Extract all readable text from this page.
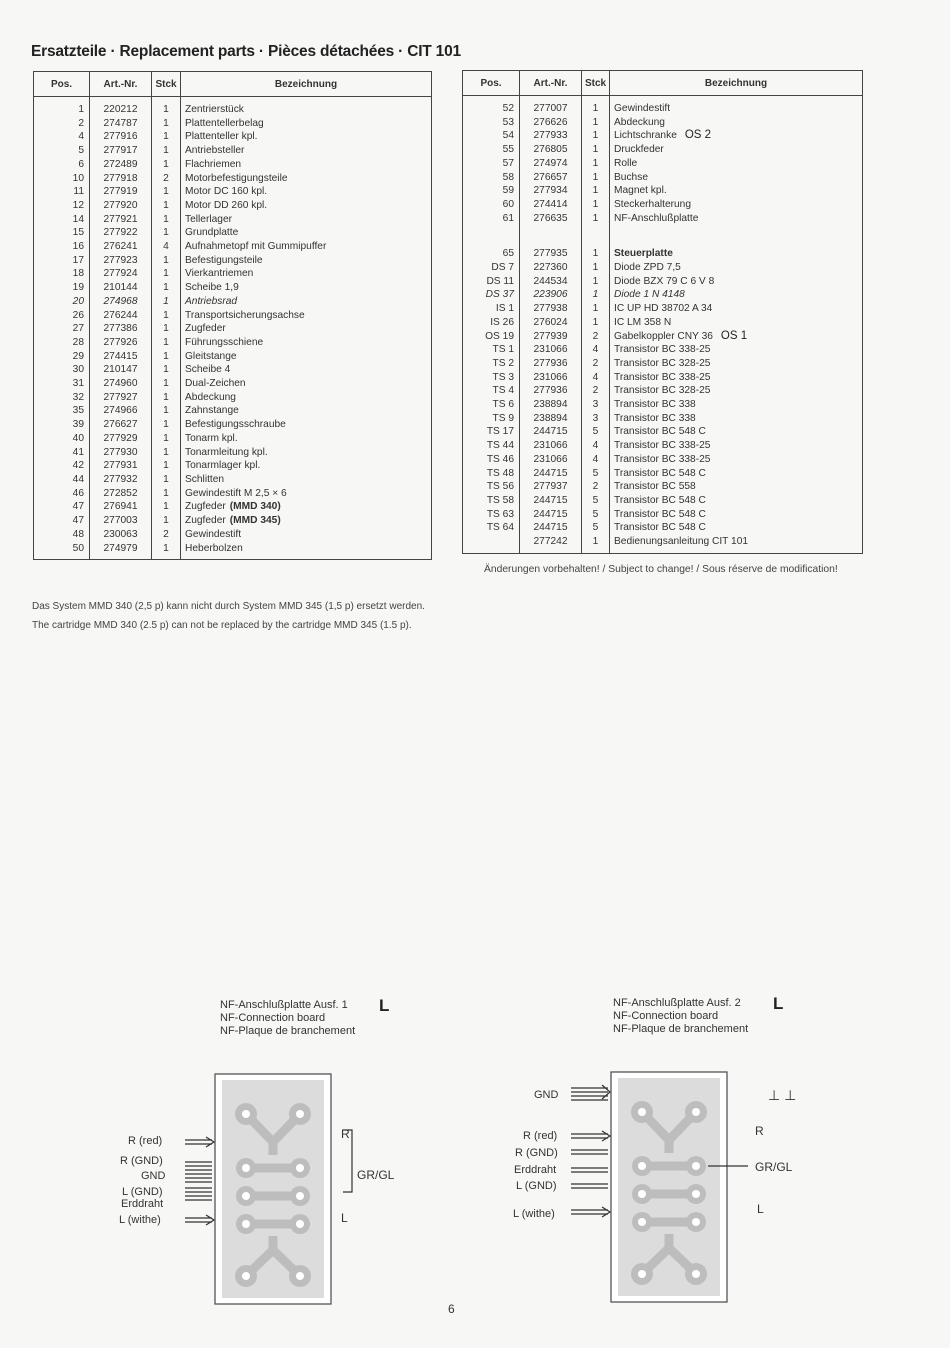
Ersatzteile · Replacement parts · Pièces détachées · CIT 101
Pos.	Art.-Nr.	Stck	Bezeichnung
1	220212	1	Zentrierstück
2	274787	1	Plattentellerbelag
4	277916	1	Plattenteller kpl.
5	277917	1	Antriebsteller
6	272489	1	Flachriemen
10	277918	2	Motorbefestigungsteile
11	277919	1	Motor DC 160 kpl.
12	277920	1	Motor DD 260 kpl.
14	277921	1	Tellerlager
15	277922	1	Grundplatte
16	276241	4	Aufnahmetopf mit Gummipuffer
17	277923	1	Befestigungsteile
18	277924	1	Vierkantriemen
19	210144	1	Scheibe 1,9
20	274968	1	Antriebsrad
26	276244	1	Transportsicherungsachse
27	277386	1	Zugfeder
28	277926	1	Führungsschiene
29	274415	1	Gleitstange
30	210147	1	Scheibe 4
31	274960	1	Dual-Zeichen
32	277927	1	Abdeckung
35	274966	1	Zahnstange
39	276627	1	Befestigungsschraube
40	277929	1	Tonarm kpl.
41	277930	1	Tonarmleitung kpl.
42	277931	1	Tonarmlager kpl.
44	277932	1	Schlitten
46	272852	1	Gewindestift M 2,5 × 6
47	276941	1	Zugfeder (MMD 340)
47	277003	1	Zugfeder (MMD 345)
48	230063	2	Gewindestift
50	274979	1	Heberbolzen
Pos.	Art.-Nr.	Stck	Bezeichnung
52	277007	1	Gewindestift
53	276626	1	Abdeckung
54	277933	1	Lichtschranke OS 2
55	276805	1	Druckfeder
57	274974	1	Rolle
58	276657	1	Buchse
59	277934	1	Magnet kpl.
60	274414	1	Steckerhalterung
61	276635	1	NF-Anschlußplatte

65	277935	1	Steuerplatte
DS 7	227360	1	Diode ZPD 7,5
DS 11	244534	1	Diode BZX 79 C 6 V 8
DS 37	223906	1	Diode 1 N 4148
IS 1	277938	1	IC UP HD 38702 A 34
IS 26	276024	1	IC LM 358 N
OS 19	277939	2	Gabelkoppler CNY 36 OS 1
TS 1	231066	4	Transistor BC 338-25
TS 2	277936	2	Transistor BC 328-25
TS 3	231066	4	Transistor BC 338-25
TS 4	277936	2	Transistor BC 328-25
TS 6	238894	3	Transistor BC 338
TS 9	238894	3	Transistor BC 338
TS 17	244715	5	Transistor BC 548 C
TS 44	231066	4	Transistor BC 338-25
TS 46	231066	4	Transistor BC 338-25
TS 48	244715	5	Transistor BC 548 C
TS 56	277937	2	Transistor BC 558
TS 58	244715	5	Transistor BC 548 C
TS 63	244715	5	Transistor BC 548 C
TS 64	244715	5	Transistor BC 548 C
	277242	1	Bedienungsanleitung CIT 101
Änderungen vorbehalten! / Subject to change! / Sous réserve de modification!
Das System MMD 340 (2,5 p) kann nicht durch System MMD 345 (1,5 p) ersetzt werden.
The cartridge MMD 340 (2.5 p) can not be replaced by the cartridge MMD 345 (1.5 p).
NF-Anschlußplatte Ausf. 1
NF-Connection board
NF-Plaque de branchement
L
R (red)
R (GND)
GND
L (GND)
Erddraht
L (withe)
R
GR/GL
L
NF-Anschlußplatte Ausf. 2
NF-Connection board
NF-Plaque de branchement
L
⊥ ⊥
GND
R (red)
R (GND)
Erddraht
L (GND)
L (withe)
R
GR/GL
L
6
